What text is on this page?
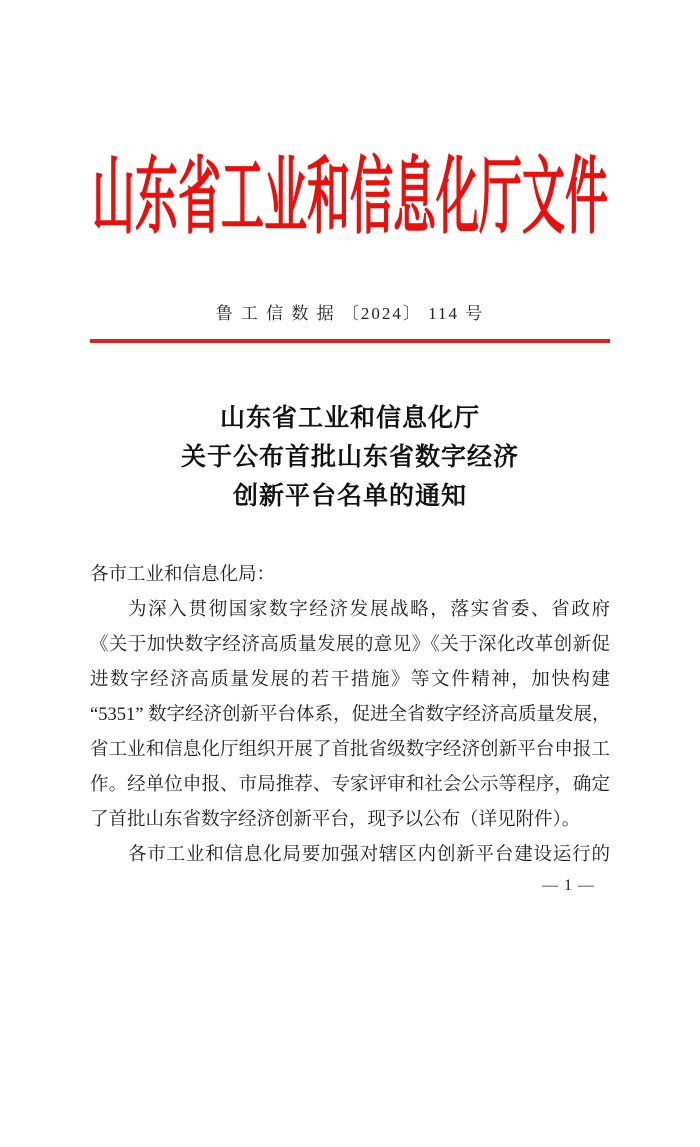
山东省工业和信息化厅文件
鲁 工 信 数 据 〔2024〕 114 号
山东省工业和信息化厅
关于公布首批山东省数字经济
创新平台名单的通知
各市工业和信息化局：
为深入贯彻国家数字经济发展战略，落实省委、省政府
《关于加快数字经济高质量发展的意见》《关于深化改革创新促
进数字经济高质量发展的若干措施》等文件精神，加快构建
“5351” 数字经济创新平台体系，促进全省数字经济高质量发展，
省工业和信息化厅组织开展了首批省级数字经济创新平台申报工
作。经单位申报、市局推荐、专家评审和社会公示等程序，确定
了首批山东省数字经济创新平台，现予以公布（详见附件）。
各市工业和信息化局要加强对辖区内创新平台建设运行的
— 1 —
